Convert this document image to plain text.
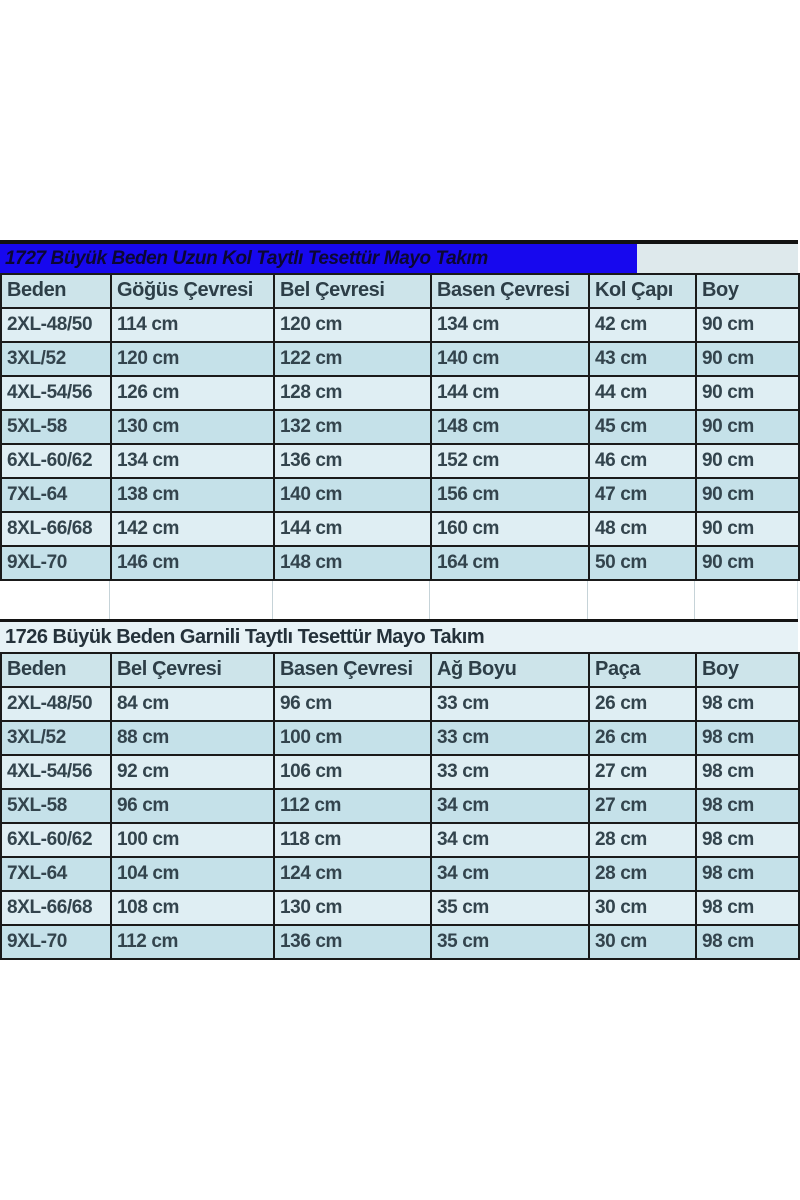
1727 Büyük Beden Uzun Kol Taytlı Tesettür Mayo Takım
Beden	Göğüs Çevresi	Bel Çevresi	Basen Çevresi	Kol Çapı	Boy
2XL-48/50	114 cm	120 cm	134 cm	42 cm	90 cm
3XL/52	120 cm	122 cm	140 cm	43 cm	90 cm
4XL-54/56	126 cm	128 cm	144 cm	44 cm	90 cm
5XL-58	130 cm	132 cm	148 cm	45 cm	90 cm
6XL-60/62	134 cm	136 cm	152 cm	46 cm	90 cm
7XL-64	138 cm	140 cm	156 cm	47 cm	90 cm
8XL-66/68	142 cm	144 cm	160 cm	48 cm	90 cm
9XL-70	146 cm	148 cm	164 cm	50 cm	90 cm
1726 Büyük Beden Garnili Taytlı Tesettür Mayo Takım
Beden	Bel Çevresi	Basen Çevresi	Ağ Boyu	Paça	Boy
2XL-48/50	84 cm	96 cm	33 cm	26 cm	98 cm
3XL/52	88 cm	100 cm	33 cm	26 cm	98 cm
4XL-54/56	92 cm	106 cm	33 cm	27 cm	98 cm
5XL-58	96 cm	112 cm	34 cm	27 cm	98 cm
6XL-60/62	100 cm	118 cm	34 cm	28 cm	98 cm
7XL-64	104 cm	124 cm	34 cm	28 cm	98 cm
8XL-66/68	108 cm	130 cm	35 cm	30 cm	98 cm
9XL-70	112 cm	136 cm	35 cm	30 cm	98 cm
